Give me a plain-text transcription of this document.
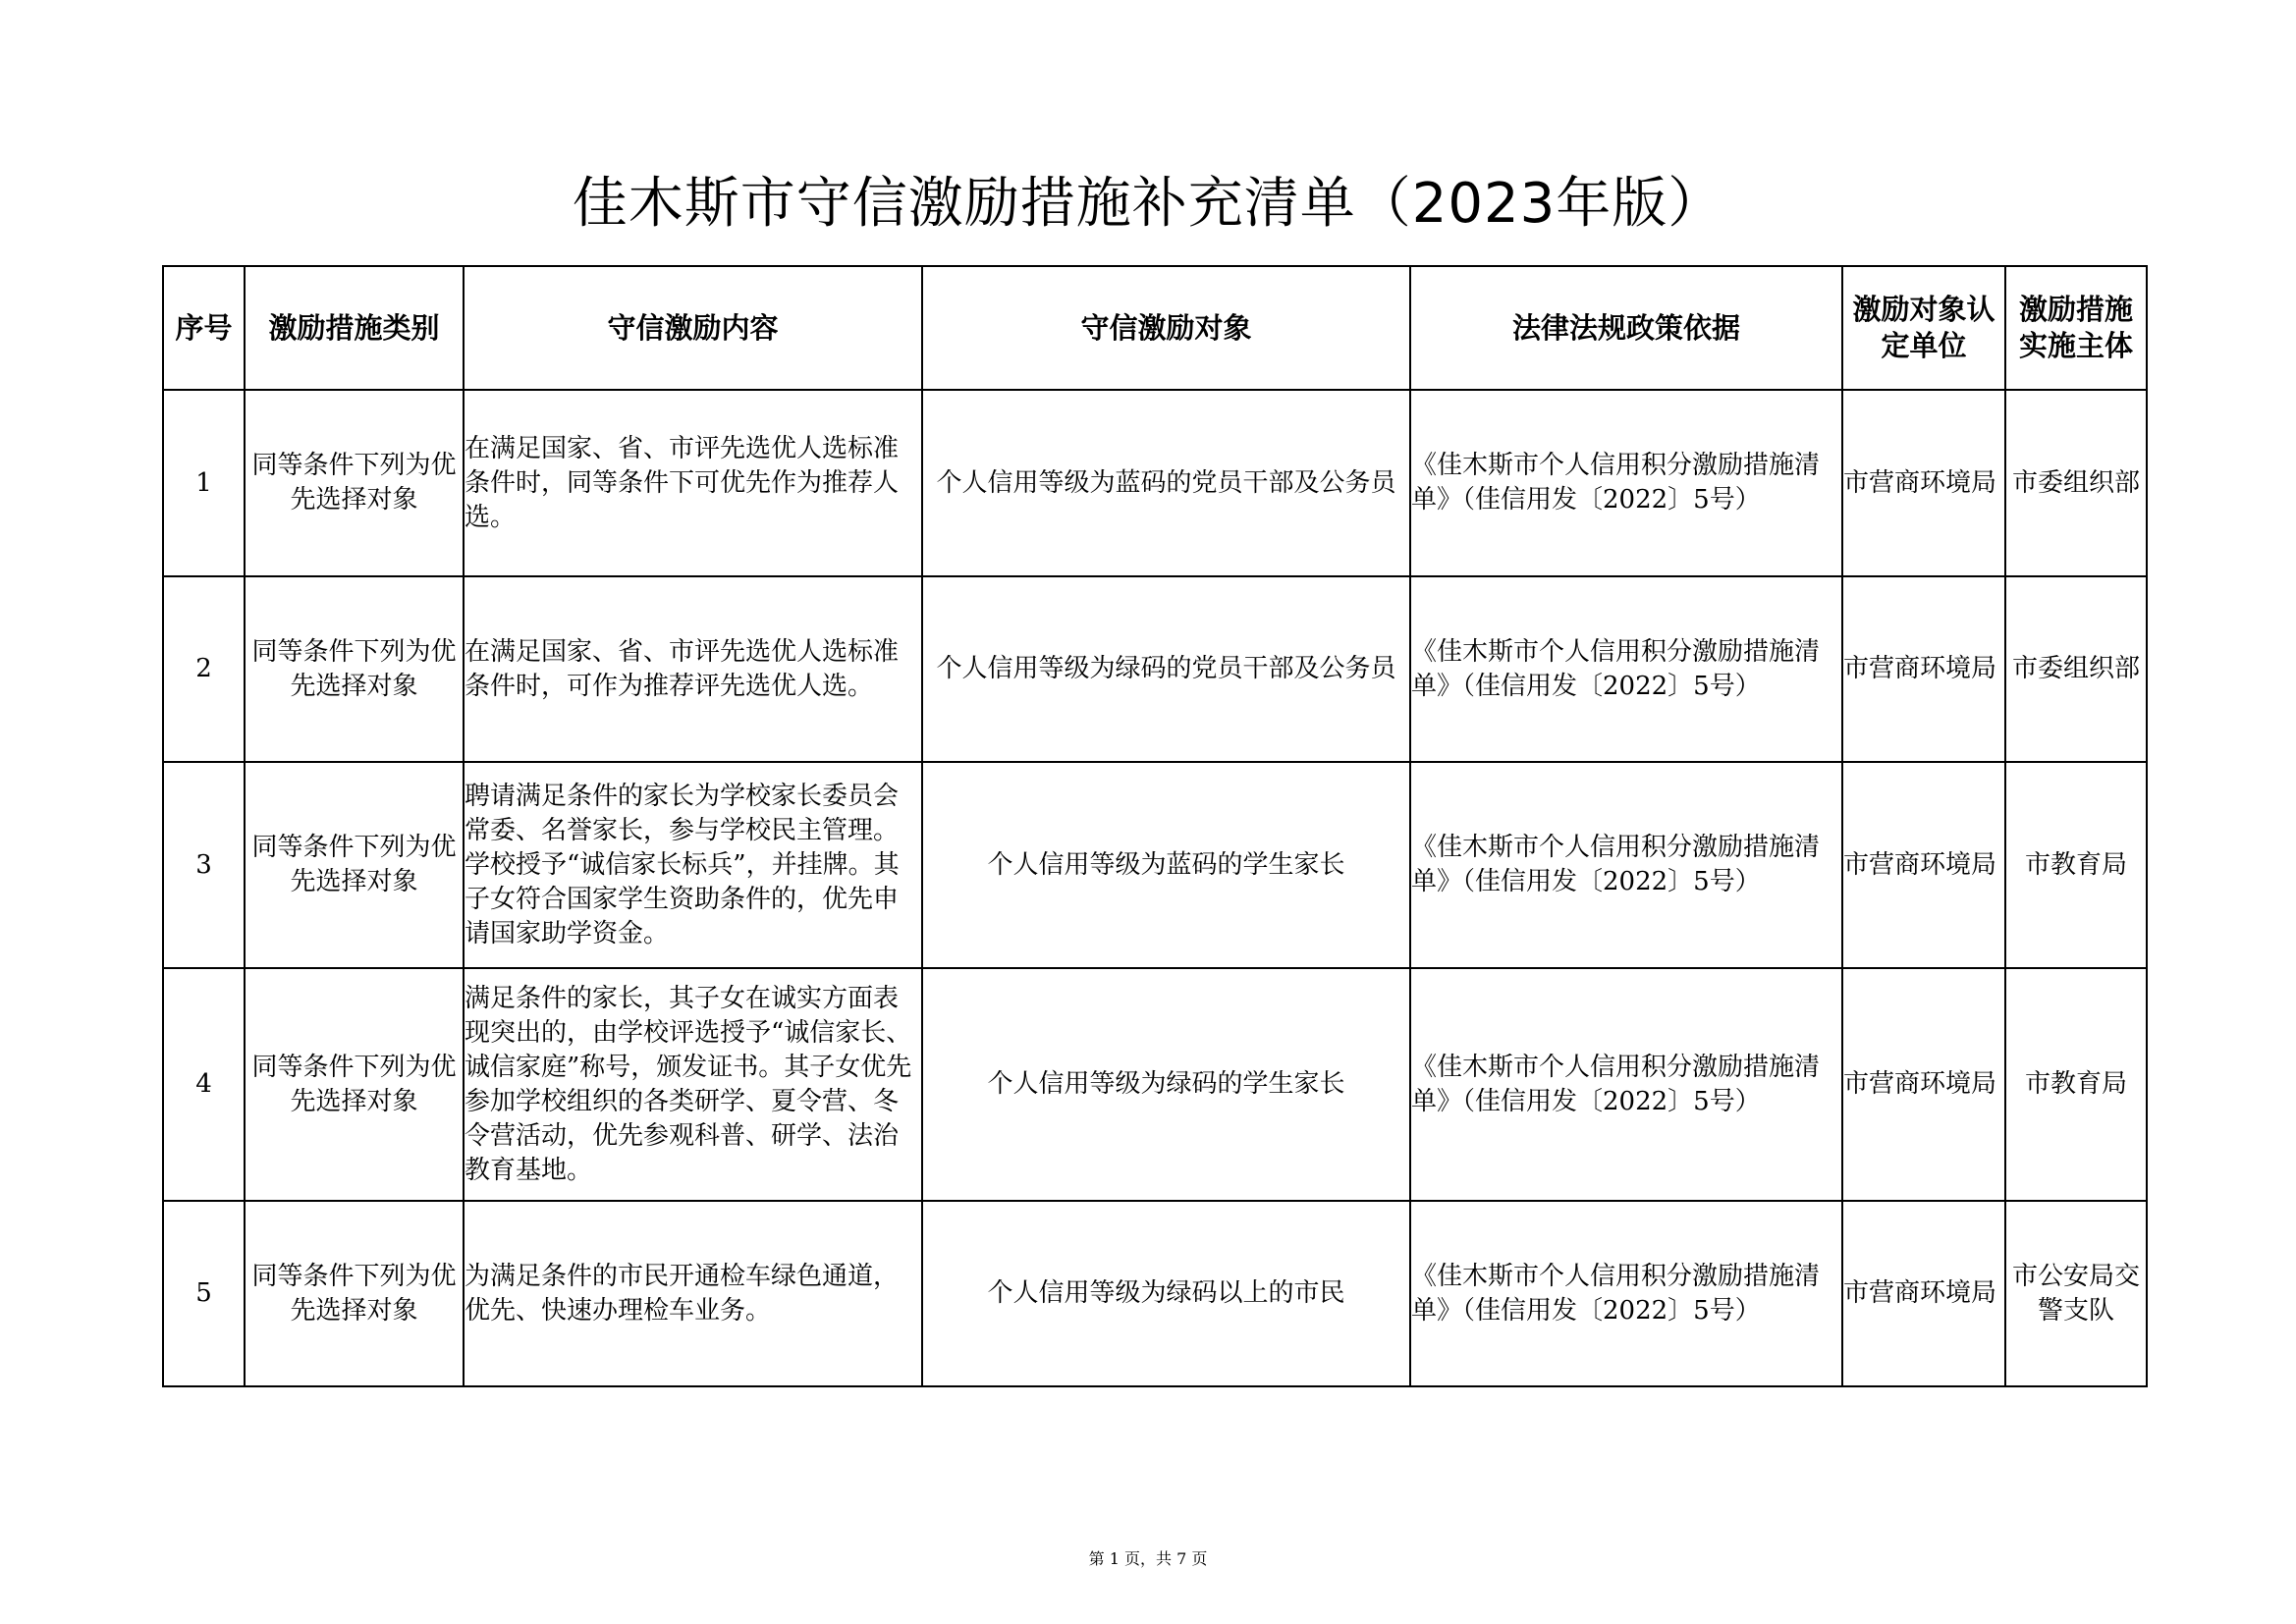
佳木斯市守信激励措施补充清单（2023年版）
序号	激励措施类别	守信激励内容	守信激励对象	法律法规政策依据	激励对象认定单位	激励措施实施主体
1	同等条件下列为优先选择对象	在满足国家、省、市评先选优人选标准条件时，同等条件下可优先作为推荐人选。	个人信用等级为蓝码的党员干部及公务员	《佳木斯市个人信用积分激励措施清单》（佳信用发〔2022〕5号）	市营商环境局	市委组织部
2	同等条件下列为优先选择对象	在满足国家、省、市评先选优人选标准条件时，可作为推荐评先选优人选。	个人信用等级为绿码的党员干部及公务员	《佳木斯市个人信用积分激励措施清单》（佳信用发〔2022〕5号）	市营商环境局	市委组织部
3	同等条件下列为优先选择对象	聘请满足条件的家长为学校家长委员会常委、名誉家长，参与学校民主管理。学校授予“诚信家长标兵”，并挂牌。其子女符合国家学生资助条件的，优先申请国家助学资金。	个人信用等级为蓝码的学生家长	《佳木斯市个人信用积分激励措施清单》（佳信用发〔2022〕5号）	市营商环境局	市教育局
4	同等条件下列为优先选择对象	满足条件的家长，其子女在诚实方面表现突出的，由学校评选授予“诚信家长、诚信家庭”称号，颁发证书。其子女优先参加学校组织的各类研学、夏令营、冬令营活动，优先参观科普、研学、法治教育基地。	个人信用等级为绿码的学生家长	《佳木斯市个人信用积分激励措施清单》（佳信用发〔2022〕5号）	市营商环境局	市教育局
5	同等条件下列为优先选择对象	为满足条件的市民开通检车绿色通道，优先、快速办理检车业务。	个人信用等级为绿码以上的市民	《佳木斯市个人信用积分激励措施清单》（佳信用发〔2022〕5号）	市营商环境局	市公安局交警支队
第 1 页，共 7 页
